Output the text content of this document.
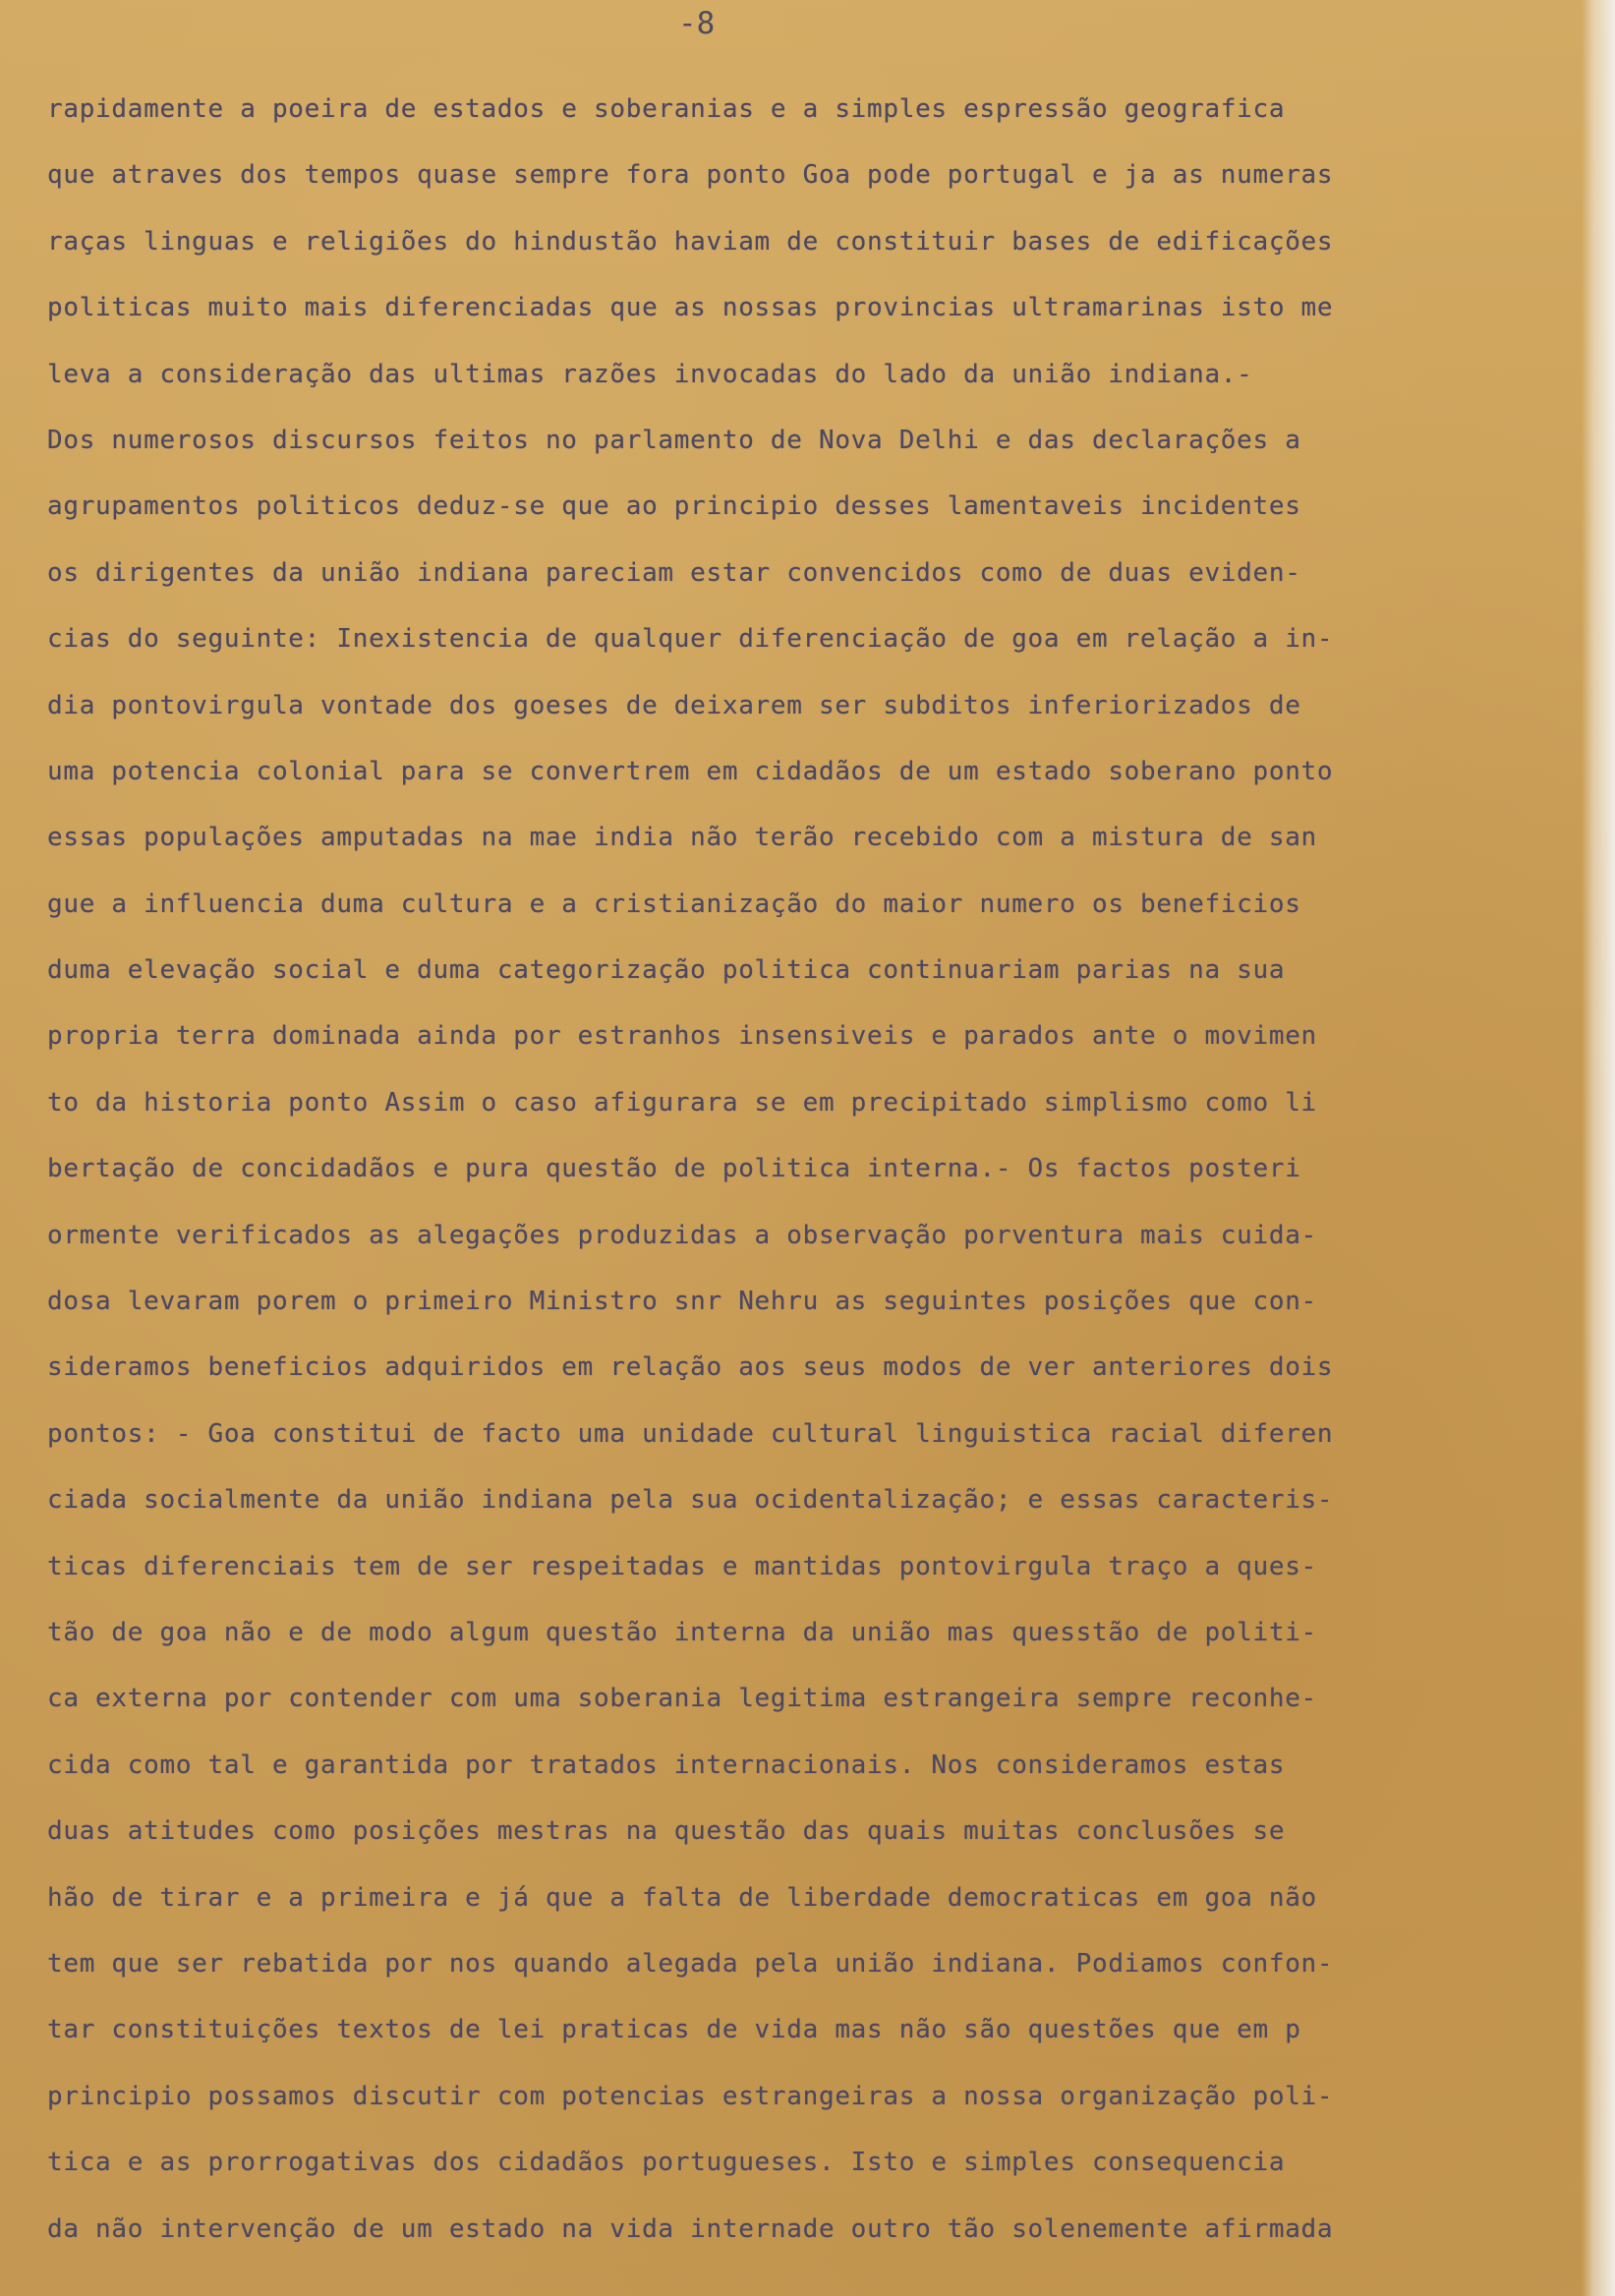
-8

rapidamente a poeira de estados e soberanias e a simples espressão geografica
que atraves dos tempos quase sempre fora ponto Goa pode portugal e ja as numeras
raças linguas e religiões do hindustão haviam de constituir bases de edificações
politicas muito mais diferenciadas que as nossas provincias ultramarinas isto me
leva a consideração das ultimas razões invocadas do lado da união indiana.-
Dos numerosos discursos feitos no parlamento de Nova Delhi e das declarações a
agrupamentos politicos deduz-se que ao principio desses lamentaveis incidentes
os dirigentes da união indiana pareciam estar convencidos como de duas eviden-
cias do seguinte: Inexistencia de qualquer diferenciação de goa em relação a in-
dia pontovirgula vontade dos goeses de deixarem ser subditos inferiorizados de
uma potencia colonial para se convertrem em cidadãos de um estado soberano ponto
essas populações amputadas na mae india não terão recebido com a mistura de san
gue a influencia duma cultura e a cristianização do maior numero os beneficios
duma elevação social e duma categorização politica continuariam parias na sua
propria terra dominada ainda por estranhos insensiveis e parados ante o movimen
to da historia ponto Assim o caso afigurara se em precipitado simplismo como li
bertação de concidadãos e pura questão de politica interna.- Os factos posteri
ormente verificados as alegações produzidas a observação porventura mais cuida-
dosa levaram porem o primeiro Ministro snr Nehru as seguintes posições que con-
sideramos beneficios adquiridos em relação aos seus modos de ver anteriores dois
pontos: - Goa constitui de facto uma unidade cultural linguistica racial diferen
ciada socialmente da união indiana pela sua ocidentalização; e essas caracteris-
ticas diferenciais tem de ser respeitadas e mantidas pontovirgula traço a ques-
tão de goa não e de modo algum questão interna da união mas quesstão de politi-
ca externa por contender com uma soberania legitima estrangeira sempre reconhe-
cida como tal e garantida por tratados internacionais. Nos consideramos estas
duas atitudes como posições mestras na questão das quais muitas conclusões se
hão de tirar e a primeira e já que a falta de liberdade democraticas em goa não
tem que ser rebatida por nos quando alegada pela união indiana. Podiamos confon-
tar constituições textos de lei praticas de vida mas não são questões que em p
principio possamos discutir com potencias estrangeiras a nossa organização poli-
tica e as prorrogativas dos cidadãos portugueses. Isto e simples consequencia
da não intervenção de um estado na vida internade outro tão solenemente afirmada
